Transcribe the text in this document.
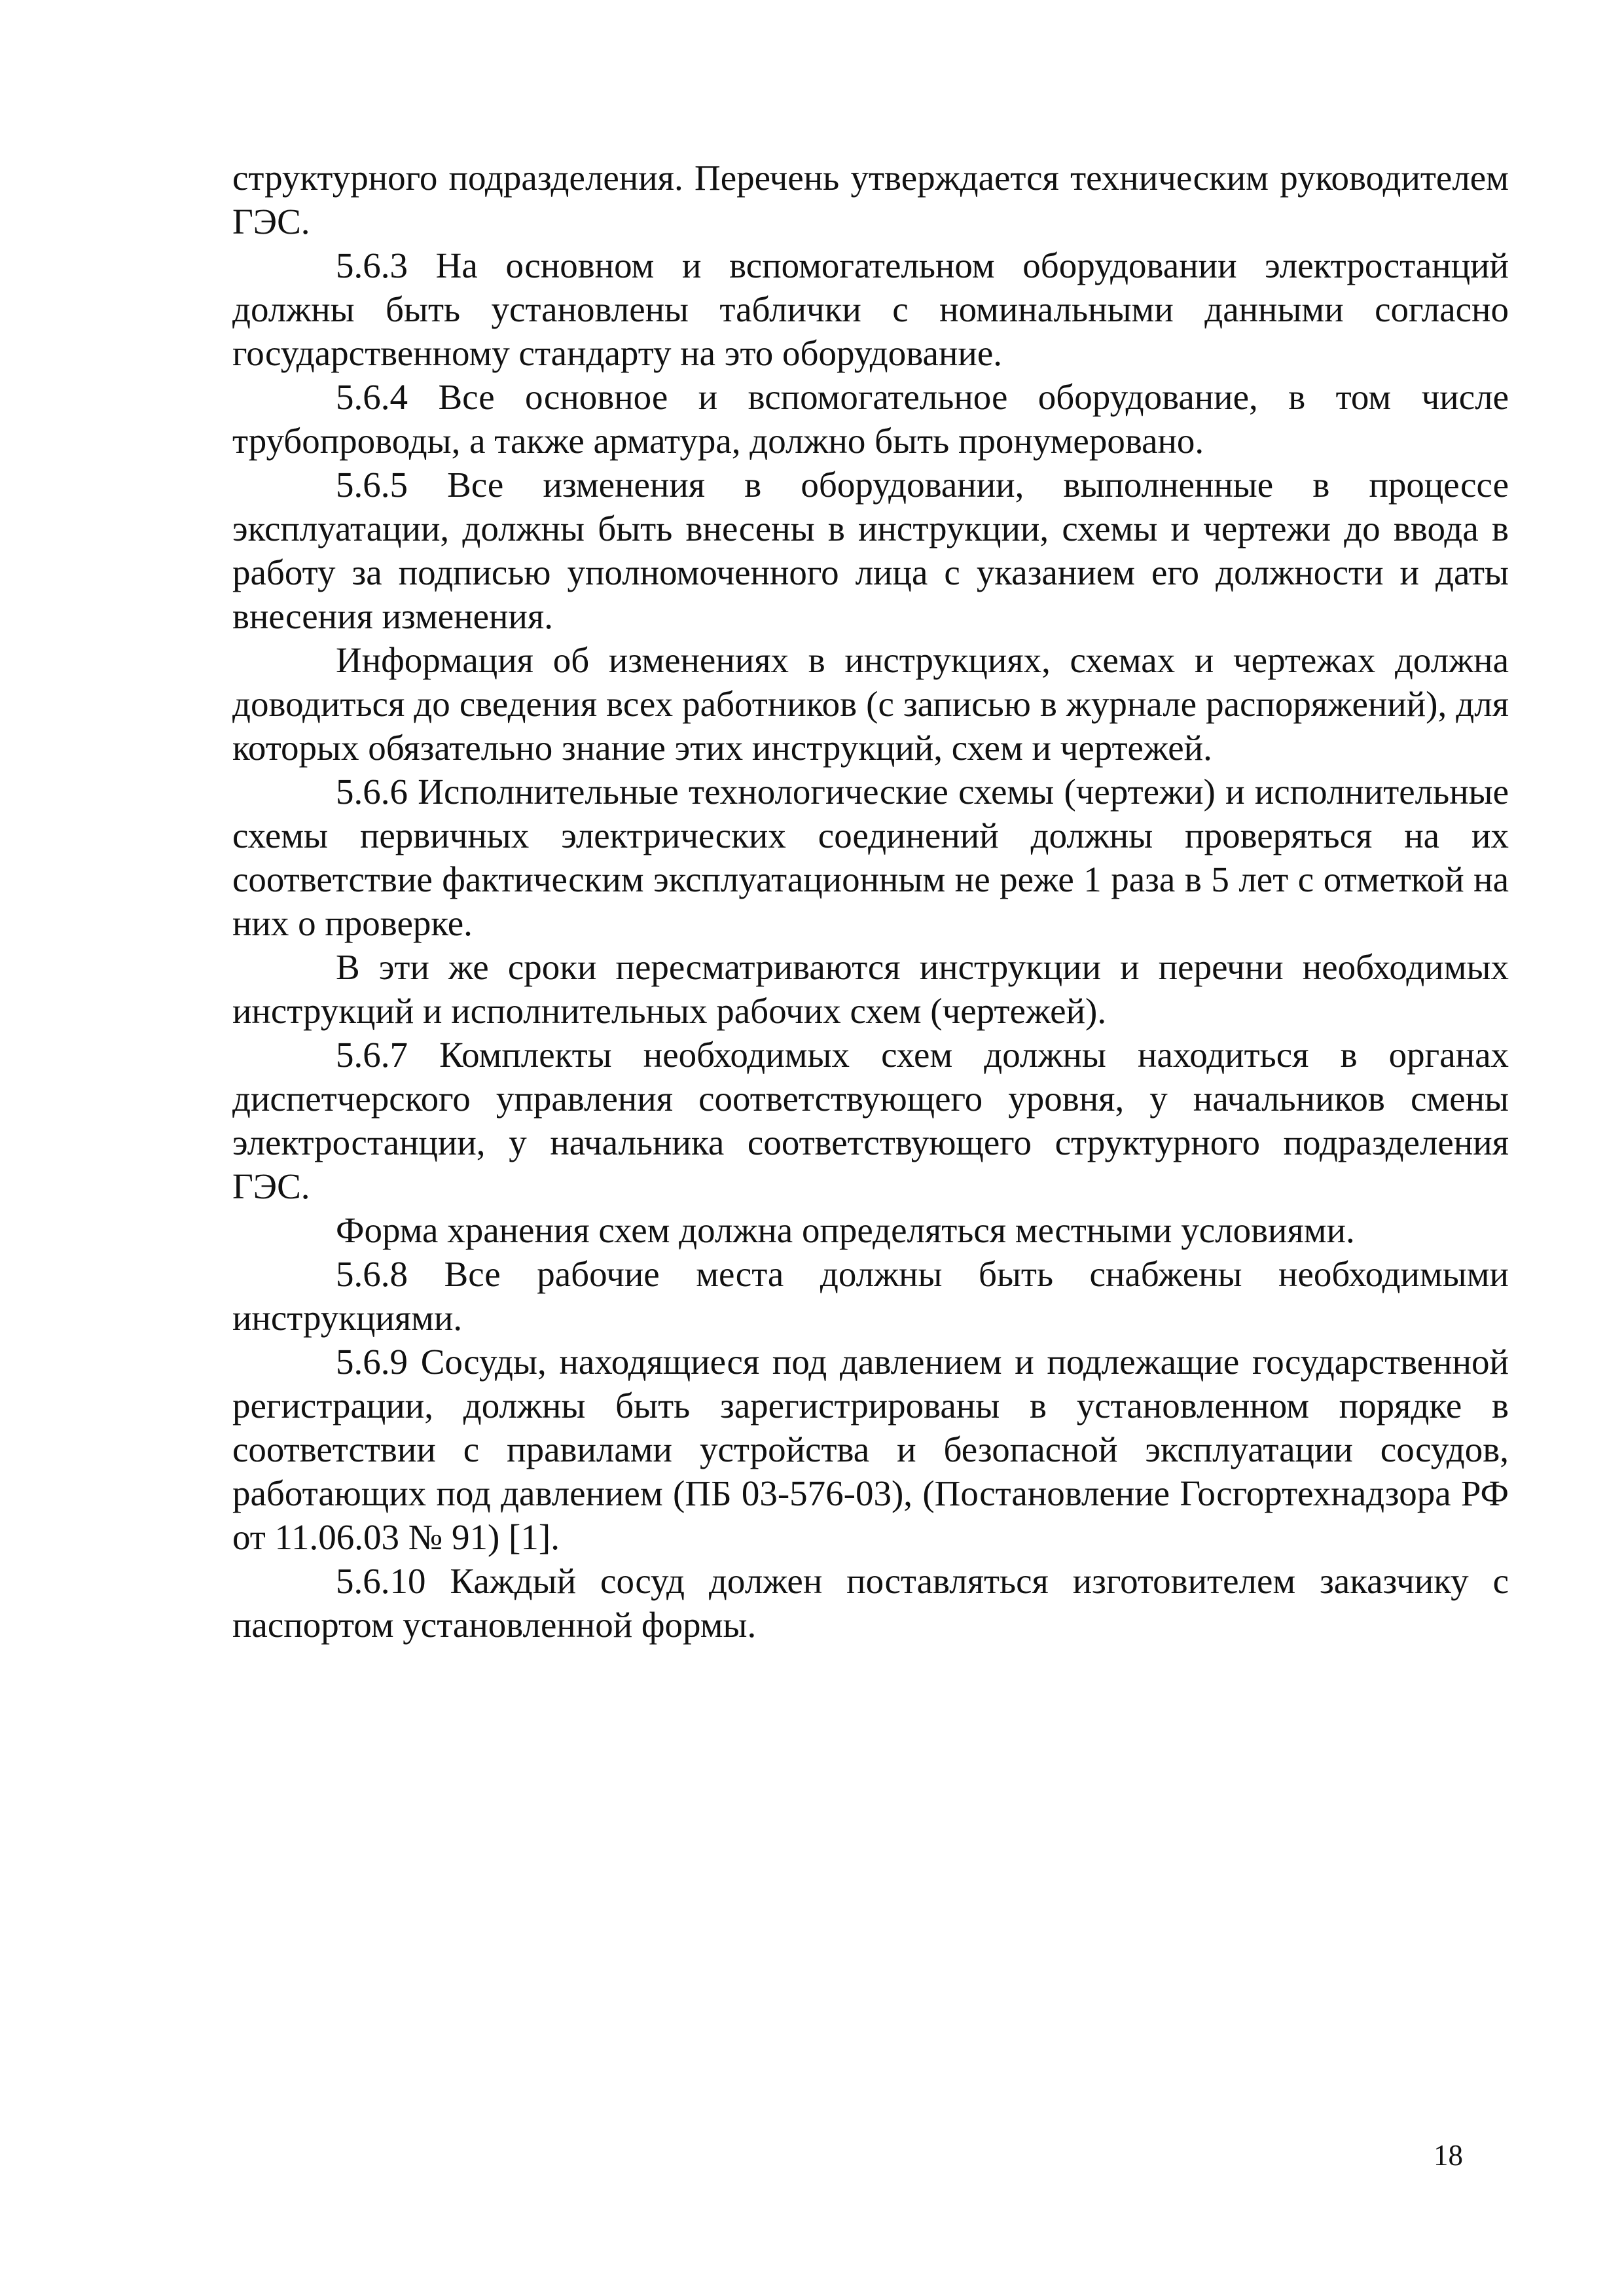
структурного подразделения. Перечень утверждается техническим руководителем ГЭС.

5.6.3 На основном и вспомогательном оборудовании электростанций должны быть установлены таблички с номинальными данными согласно государственному стандарту на это оборудование.

5.6.4 Все основное и вспомогательное оборудование, в том числе трубопроводы, а также арматура, должно быть пронумеровано.

5.6.5 Все изменения в оборудовании, выполненные в процессе эксплуатации, должны быть внесены в инструкции, схемы и чертежи до ввода в работу за подписью уполномоченного лица с указанием его должности и даты внесения изменения.

Информация об изменениях в инструкциях, схемах и чертежах должна доводиться до сведения всех работников (с записью в журнале распоряжений), для которых обязательно знание этих инструкций, схем и чертежей.

5.6.6 Исполнительные технологические схемы (чертежи) и исполнительные схемы первичных электрических соединений должны проверяться на их соответствие фактическим эксплуатационным не реже 1 раза в 5 лет с отметкой на них о проверке.

В эти же сроки пересматриваются инструкции и перечни необходимых инструкций и исполнительных рабочих схем (чертежей).

5.6.7 Комплекты необходимых схем должны находиться в органах диспетчерского управления соответствующего уровня, у начальников смены электростанции, у начальника соответствующего структурного подразделения ГЭС.

Форма хранения схем должна определяться местными условиями.

5.6.8 Все рабочие места должны быть снабжены необходимыми инструкциями.

5.6.9 Сосуды, находящиеся под давлением и подлежащие государственной регистрации, должны быть зарегистрированы в установленном порядке в соответствии с правилами устройства и безопасной эксплуатации сосудов, работающих под давлением (ПБ 03-576-03), (Постановление Госгортехнадзора РФ от 11.06.03 № 91) [1].

5.6.10 Каждый сосуд должен поставляться изготовителем заказчику с паспортом установленной формы.

18
